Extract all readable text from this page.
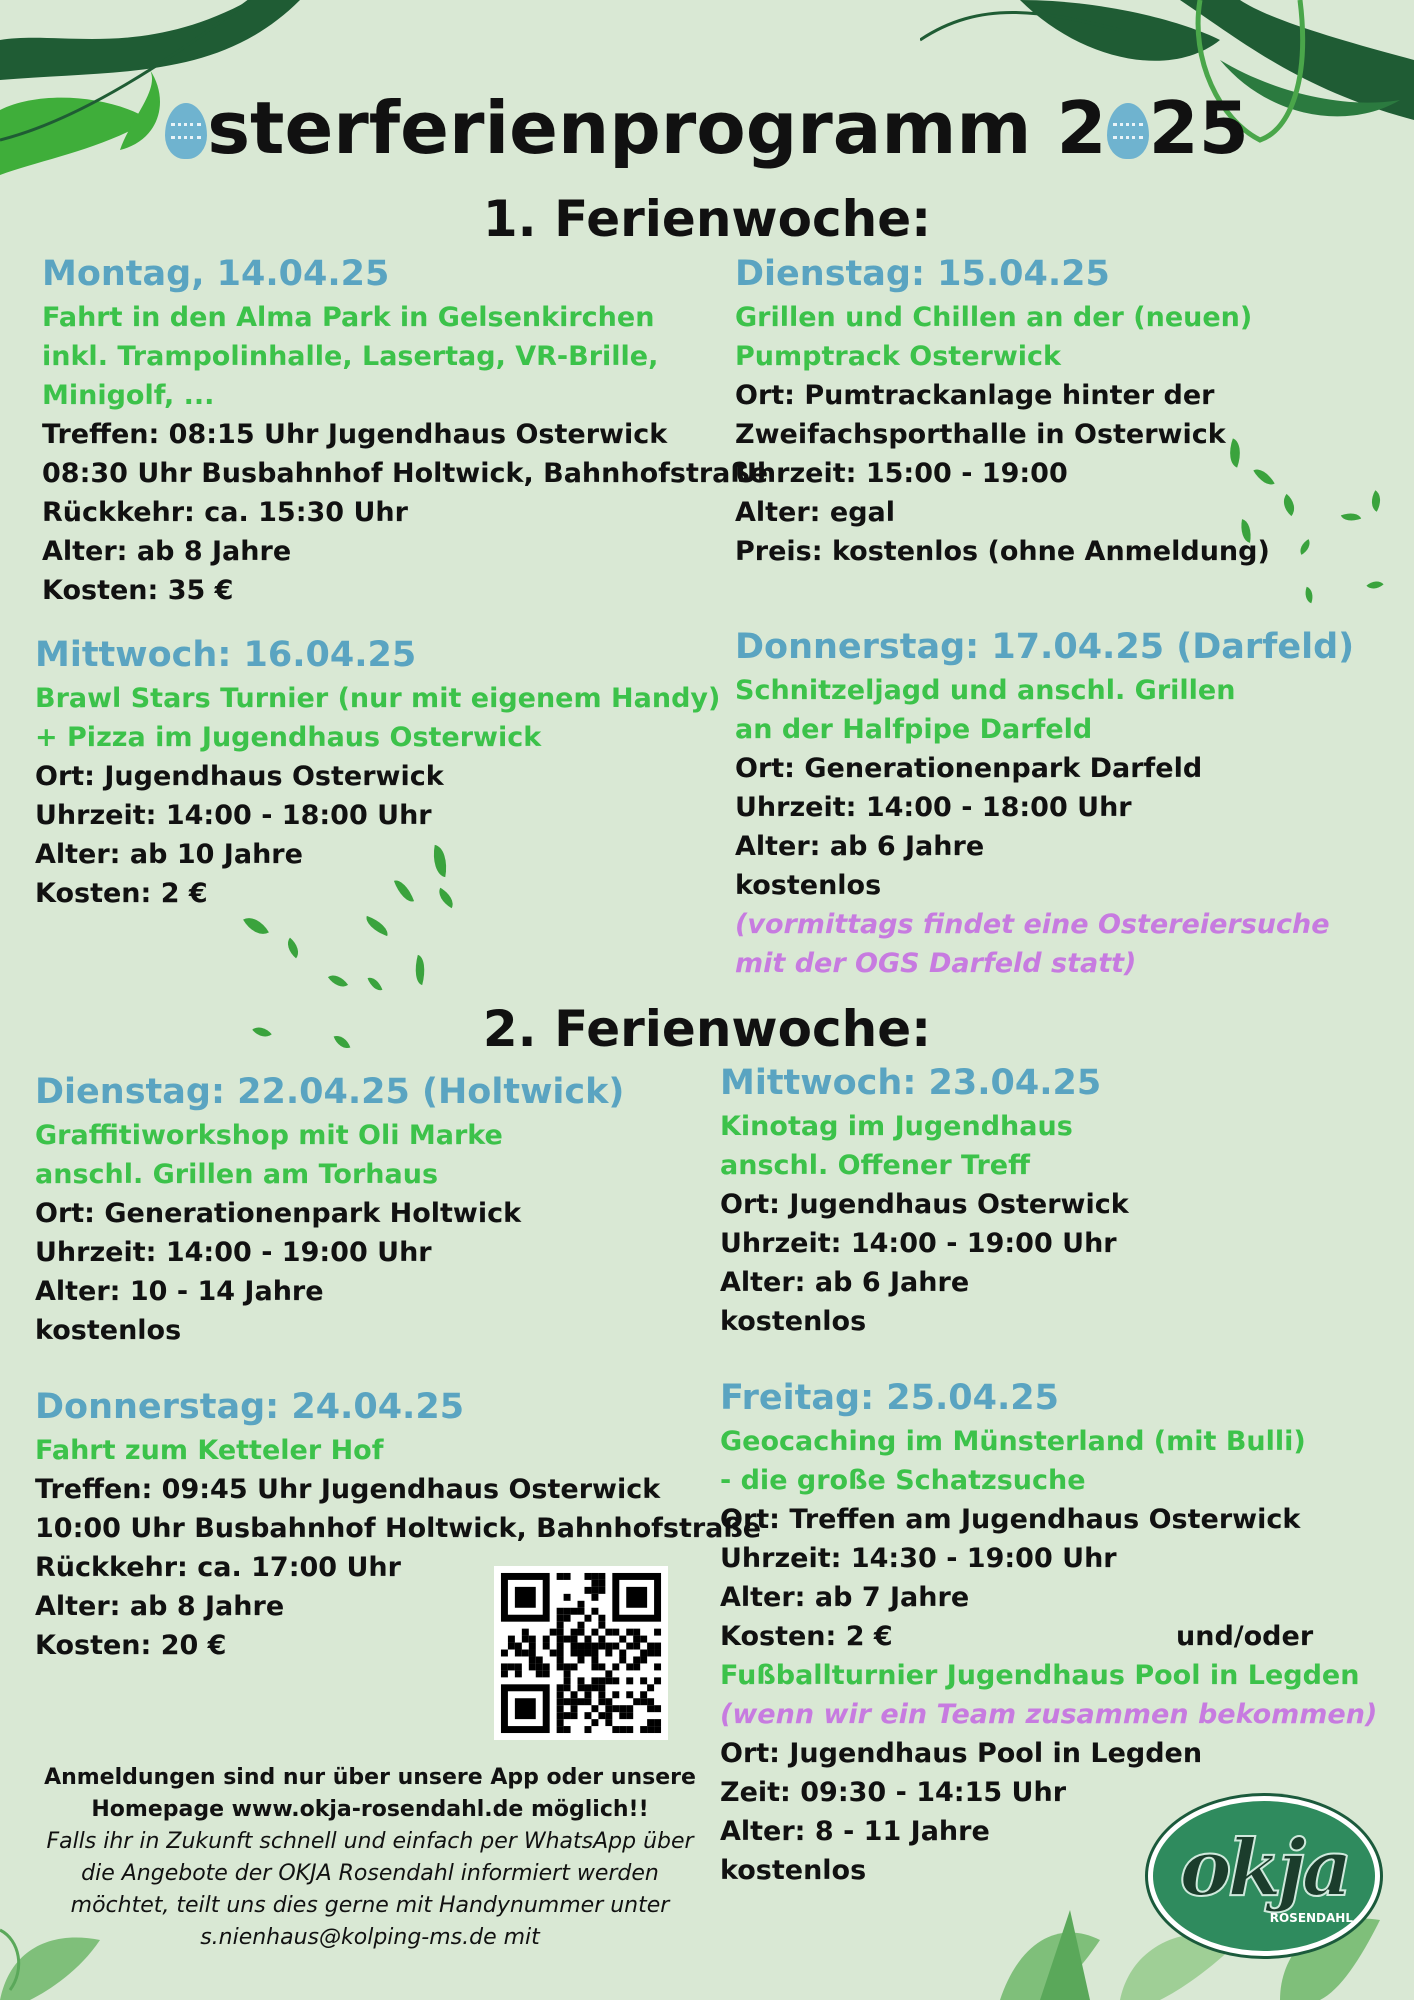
sterferienprogramm 2 25
1. Ferienwoche:
2. Ferienwoche:
Montag, 14.04.25
Fahrt in den Alma Park in Gelsenkirchen
inkl. Trampolinhalle, Lasertag, VR-Brille,
Minigolf, ...
Treffen: 08:15 Uhr Jugendhaus Osterwick
08:30 Uhr Busbahnhof Holtwick, Bahnhofstraße
Rückkehr: ca. 15:30 Uhr
Alter: ab 8 Jahre
Kosten: 35 €
Dienstag: 15.04.25
Grillen und Chillen an der (neuen)
Pumptrack Osterwick
Ort: Pumtrackanlage hinter der
Zweifachsporthalle in Osterwick
Uhrzeit: 15:00 - 19:00
Alter: egal
Preis: kostenlos (ohne Anmeldung)
Mittwoch: 16.04.25
Brawl Stars Turnier (nur mit eigenem Handy)
+ Pizza im Jugendhaus Osterwick
Ort: Jugendhaus Osterwick
Uhrzeit: 14:00 - 18:00 Uhr
Alter: ab 10 Jahre
Kosten: 2 €
Donnerstag: 17.04.25 (Darfeld)
Schnitzeljagd und anschl. Grillen
an der Halfpipe Darfeld
Ort: Generationenpark Darfeld
Uhrzeit: 14:00 - 18:00 Uhr
Alter: ab 6 Jahre
kostenlos
(vormittags findet eine Ostereiersuche
mit der OGS Darfeld statt)
Dienstag: 22.04.25 (Holtwick)
Graffitiworkshop mit Oli Marke
anschl. Grillen am Torhaus
Ort: Generationenpark Holtwick
Uhrzeit: 14:00 - 19:00 Uhr
Alter: 10 - 14 Jahre
kostenlos
Mittwoch: 23.04.25
Kinotag im Jugendhaus
anschl. Offener Treff
Ort: Jugendhaus Osterwick
Uhrzeit: 14:00 - 19:00 Uhr
Alter: ab 6 Jahre
kostenlos
Donnerstag: 24.04.25
Fahrt zum Ketteler Hof
Treffen: 09:45 Uhr Jugendhaus Osterwick
10:00 Uhr Busbahnhof Holtwick, Bahnhofstraße
Rückkehr: ca. 17:00 Uhr
Alter: ab 8 Jahre
Kosten: 20 €
Freitag: 25.04.25
Geocaching im Münsterland (mit Bulli)
- die große Schatzsuche
Ort: Treffen am Jugendhaus Osterwick
Uhrzeit: 14:30 - 19:00 Uhr
Alter: ab 7 Jahre
Kosten: 2 €	und/oder
Fußballturnier Jugendhaus Pool in Legden
(wenn wir ein Team zusammen bekommen)
Ort: Jugendhaus Pool in Legden
Zeit: 09:30 - 14:15 Uhr
Alter: 8 - 11 Jahre
kostenlos
Anmeldungen sind nur über unsere App oder unsere
Homepage www.okja-rosendahl.de möglich!!
Falls ihr in Zukunft schnell und einfach per WhatsApp über
die Angebote der OKJA Rosendahl informiert werden
möchtet, teilt uns dies gerne mit Handynummer unter
s.nienhaus@kolping-ms.de mit
okja
ROSENDAHL
